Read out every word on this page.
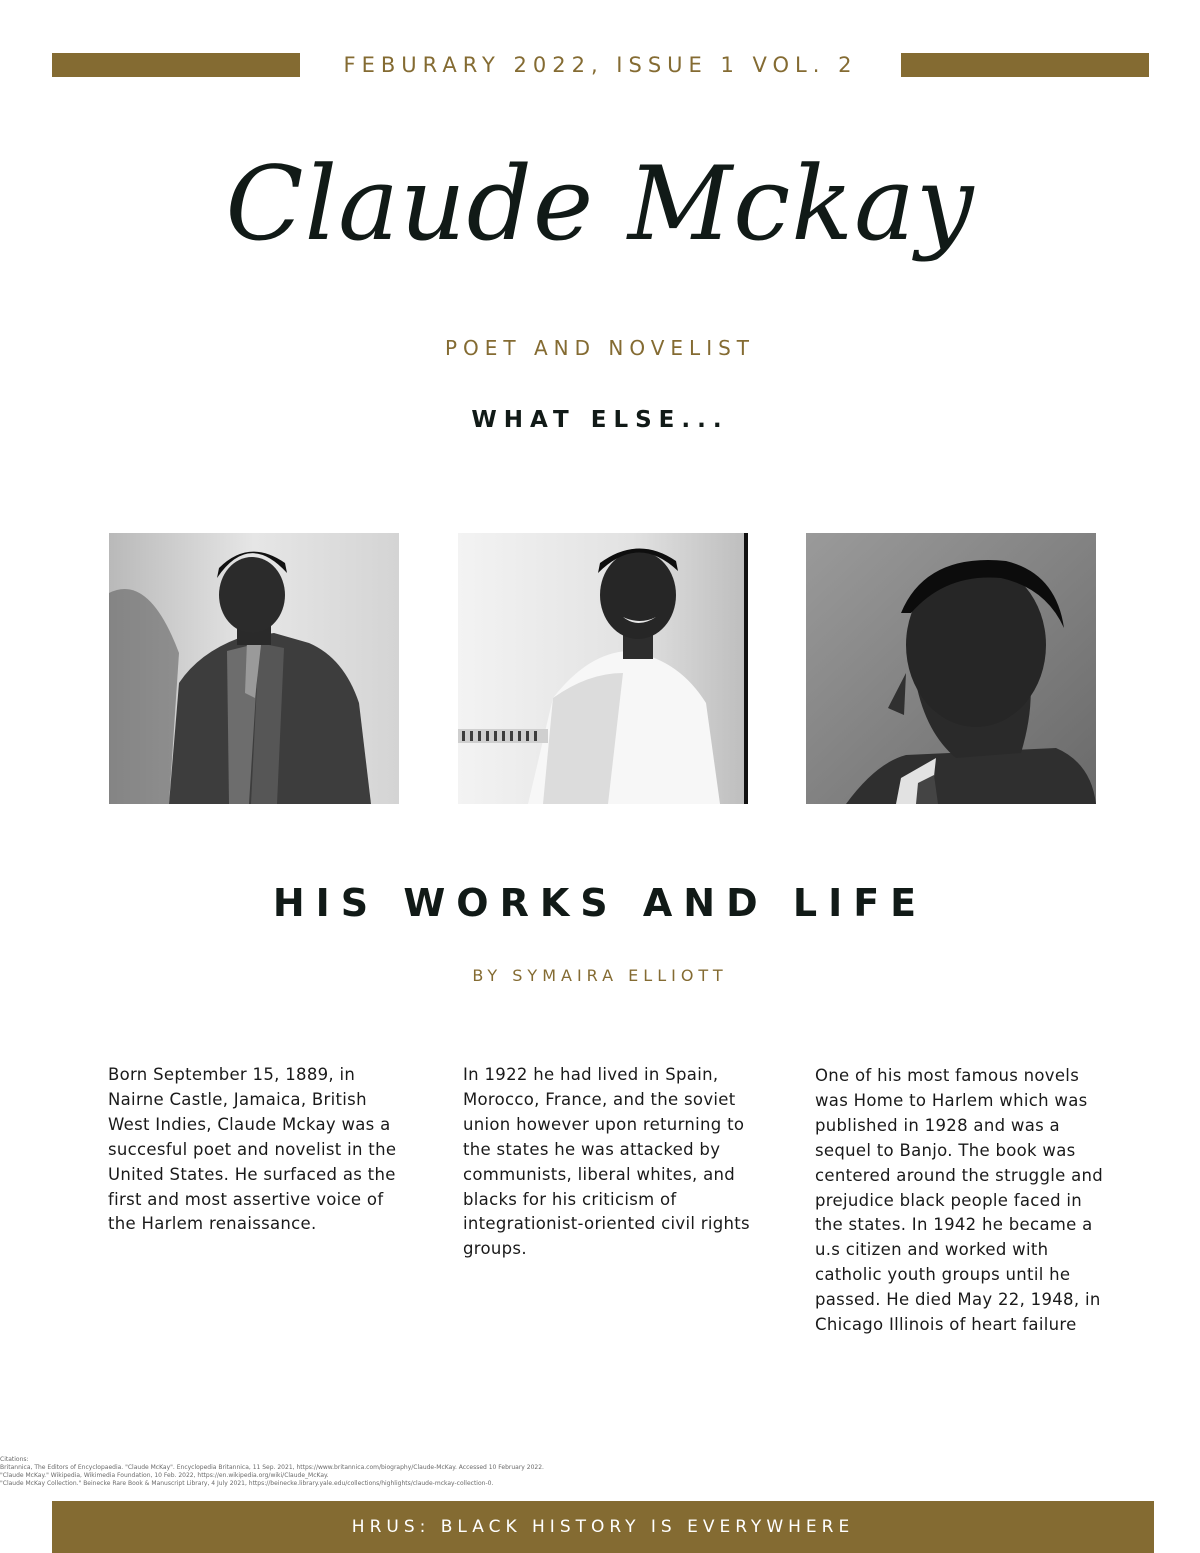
FEBURARY 2022, ISSUE 1 VOL. 2
Claude Mckay
POET AND NOVELIST
WHAT ELSE...
HIS WORKS AND LIFE
BY SYMAIRA ELLIOTT
Born September 15, 1889, in Nairne Castle, Jamaica, British West Indies, Claude Mckay was a succesful poet and novelist in the United States. He surfaced as the first and most assertive voice of the Harlem renaissance.
In 1922 he had lived in Spain, Morocco, France, and the soviet union however upon returning to the states he was attacked by communists, liberal whites, and blacks for his criticism of integrationist-oriented civil rights groups.
One of his most famous novels was Home to Harlem which was published in 1928 and was a sequel to Banjo. The book was centered around the struggle and prejudice black people faced in the states. In 1942 he became a u.s citizen and worked with catholic youth groups until he passed. He died May 22, 1948, in Chicago Illinois of heart failure
Citations:
Britannica, The Editors of Encyclopaedia. "Claude McKay". Encyclopedia Britannica, 11 Sep. 2021, https://www.britannica.com/biography/Claude-McKay. Accessed 10 February 2022.
"Claude McKay." Wikipedia, Wikimedia Foundation, 10 Feb. 2022, https://en.wikipedia.org/wiki/Claude_McKay.
"Claude McKay Collection." Beinecke Rare Book & Manuscript Library, 4 July 2021, https://beinecke.library.yale.edu/collections/highlights/claude-mckay-collection-0.
HRUS: BLACK HISTORY IS EVERYWHERE
